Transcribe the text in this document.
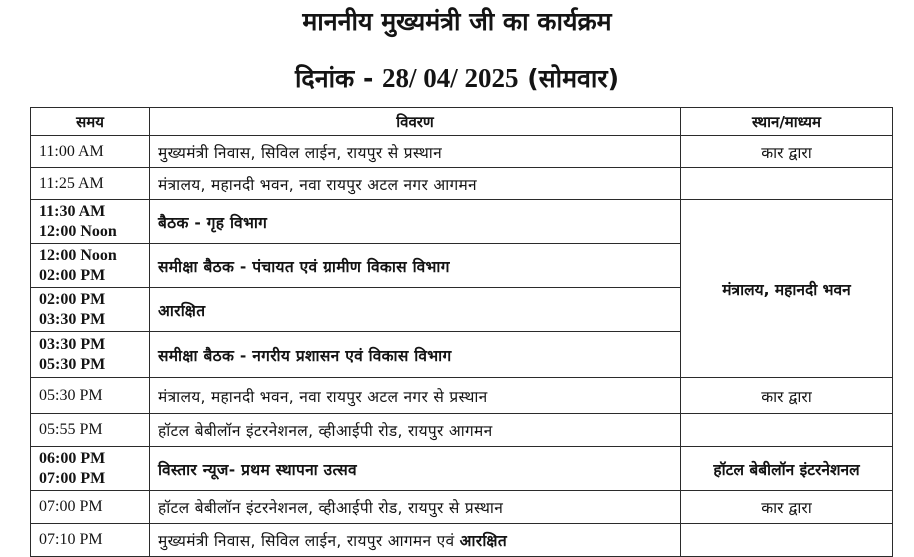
माननीय मुख्यमंत्री जी का कार्यक्रम
दिनांक - 28/ 04/ 2025 (सोमवार)
समय	विवरण	स्थान/माध्यम
11:00 AM	मुख्यमंत्री निवास, सिविल लाईन, रायपुर से प्रस्थान	कार द्वारा
11:25 AM	मंत्रालय, महानदी भवन, नवा रायपुर अटल नगर आगमन	

11:30 AM
12:00 Noon	बैठक - गृह विभाग	मंत्रालय, महानदी भवन

12:00 Noon
02:00 PM	समीक्षा बैठक - पंचायत एवं ग्रामीण विकास विभाग	

02:00 PM
03:30 PM	आरक्षित	

03:30 PM
05:30 PM	समीक्षा बैठक - नगरीय प्रशासन एवं विकास विभाग	
05:30 PM	मंत्रालय, महानदी भवन, नवा रायपुर अटल नगर से प्रस्थान	कार द्वारा
05:55 PM	हॉटल बेबीलॉन इंटरनेशनल, व्हीआईपी रोड, रायपुर आगमन	

06:00 PM
07:00 PM	विस्तार न्यूज- प्रथम स्थापना उत्सव	हॉटल बेबीलॉन इंटरनेशनल
07:00 PM	हॉटल बेबीलॉन इंटरनेशनल, व्हीआईपी रोड, रायपुर से प्रस्थान	कार द्वारा
07:10 PM	मुख्यमंत्री निवास, सिविल लाईन, रायपुर आगमन एवं आरक्षित	
